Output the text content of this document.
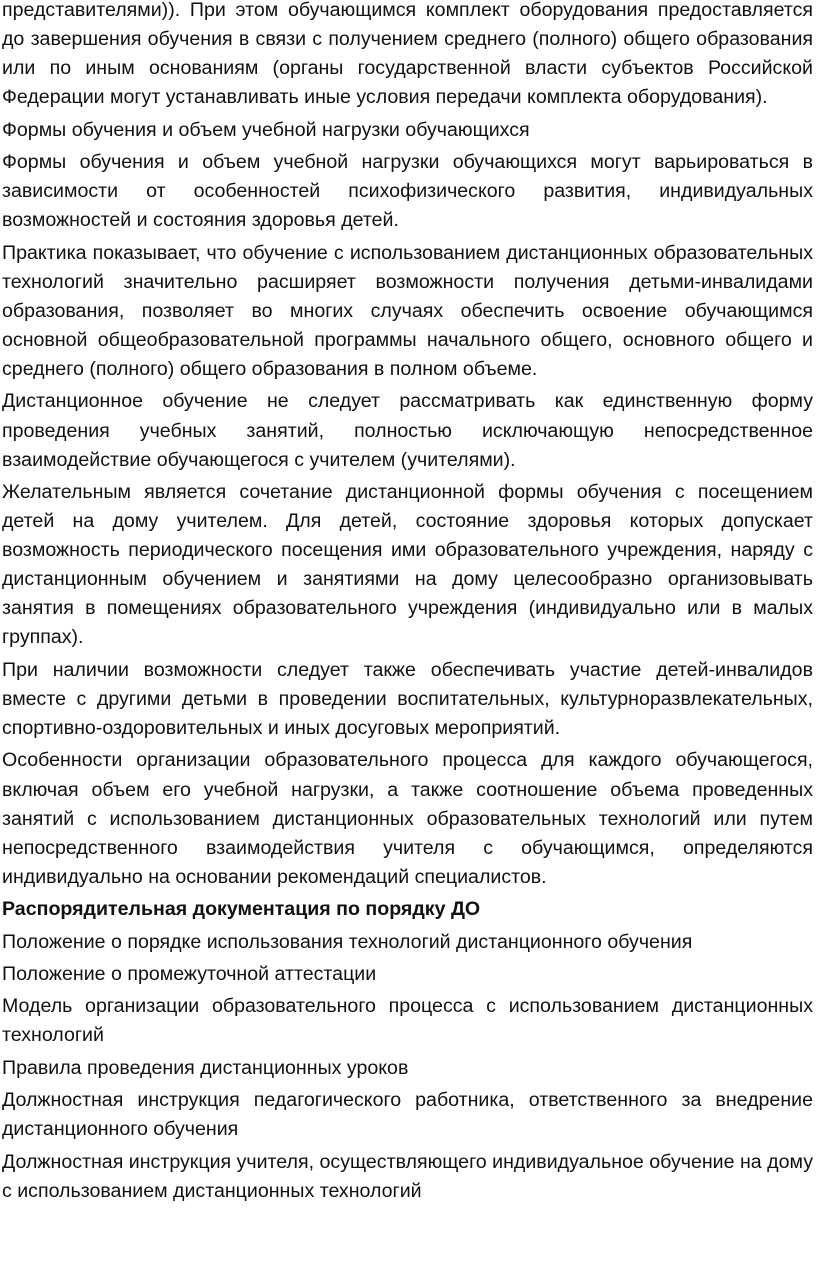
представителями)). При этом обучающимся комплект оборудования предоставляется до завершения обучения в связи с получением среднего (полного) общего образования или по иным основаниям (органы государственной власти субъектов Российской Федерации могут устанавливать иные условия передачи комплекта оборудования).

Формы обучения и объем учебной нагрузки обучающихся

Формы обучения и объем учебной нагрузки обучающихся могут варьироваться в зависимости от особенностей психофизического развития, индивидуальных возможностей и состояния здоровья детей.

Практика показывает, что обучение с использованием дистанционных образовательных технологий значительно расширяет возможности получения детьми-инвалидами образования, позволяет во многих случаях обеспечить освоение обучающимся основной общеобразовательной программы начального общего, основного общего и среднего (полного) общего образования в полном объеме.

Дистанционное обучение не следует рассматривать как единственную форму проведения учебных занятий, полностью исключающую непосредственное взаимодействие обучающегося с учителем (учителями).

Желательным является сочетание дистанционной формы обучения с посещением детей на дому учителем. Для детей, состояние здоровья которых допускает возможность периодического посещения ими образовательного учреждения, наряду с дистанционным обучением и занятиями на дому целесообразно организовывать занятия в помещениях образовательного учреждения (индивидуально или в малых группах).

При наличии возможности следует также обеспечивать участие детей-инвалидов вместе с другими детьми в проведении воспитательных, культурноразвлекательных, спортивно-оздоровительных и иных досуговых мероприятий.

Особенности организации образовательного процесса для каждого обучающегося, включая объем его учебной нагрузки, а также соотношение объема проведенных занятий с использованием дистанционных образовательных технологий или путем непосредственного взаимодействия учителя с обучающимся, определяются индивидуально на основании рекомендаций специалистов.

Распорядительная документация по порядку ДО

Положение о порядке использования технологий дистанционного обучения

Положение о промежуточной аттестации

Модель организации образовательного процесса с использованием дистанционных технологий

Правила проведения дистанционных уроков

Должностная инструкция педагогического работника, ответственного за внедрение дистанционного обучения

Должностная инструкция учителя, осуществляющего индивидуальное обучение на дому с использованием дистанционных технологий
